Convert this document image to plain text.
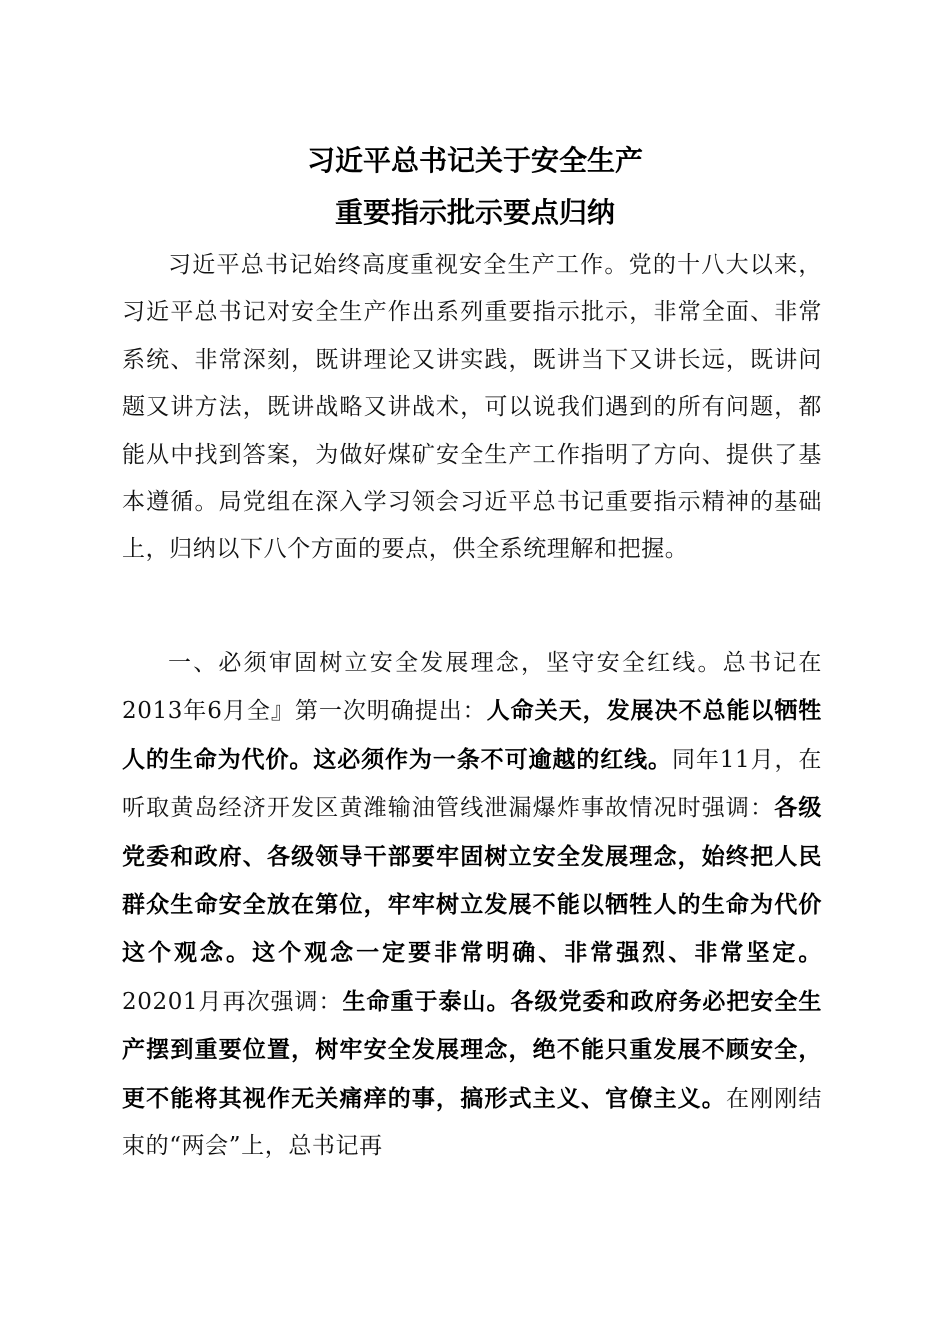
习近平总书记关于安全生产
重要指示批示要点归纳

习近平总书记始终高度重视安全生产工作。党的十八大以来，习近平总书记对安全生产作出系列重要指示批示，非常全面、非常系统、非常深刻，既讲理论又讲实践，既讲当下又讲长远，既讲问题又讲方法，既讲战略又讲战术，可以说我们遇到的所有问题，都能从中找到答案，为做好煤矿安全生产工作指明了方向、提供了基本遵循。局党组在深入学习领会习近平总书记重要指示精神的基础上，归纳以下八个方面的要点，供全系统理解和把握。

一、必须审固树立安全发展理念，坚守安全红线。总书记在2013年6月全』第一次明确提出：人命关天，发展决不总能以牺牲人的生命为代价。这必须作为一条不可逾越的红线。同年11月，在听取黄岛经济开发区黄潍输油管线泄漏爆炸事故情况时强调：各级党委和政府、各级领导干部要牢固树立安全发展理念，始终把人民群众生命安全放在第位，牢牢树立发展不能以牺牲人的生命为代价这个观念。这个观念一定要非常明确、非常强烈、非常坚定。20201月再次强调：生命重于泰山。各级党委和政府务必把安全生产摆到重要位置，树牢安全发展理念，绝不能只重发展不顾安全，更不能将其视作无关痛痒的事，搞形式主义、官僚主义。在刚刚结束的“两会”上，总书记再
